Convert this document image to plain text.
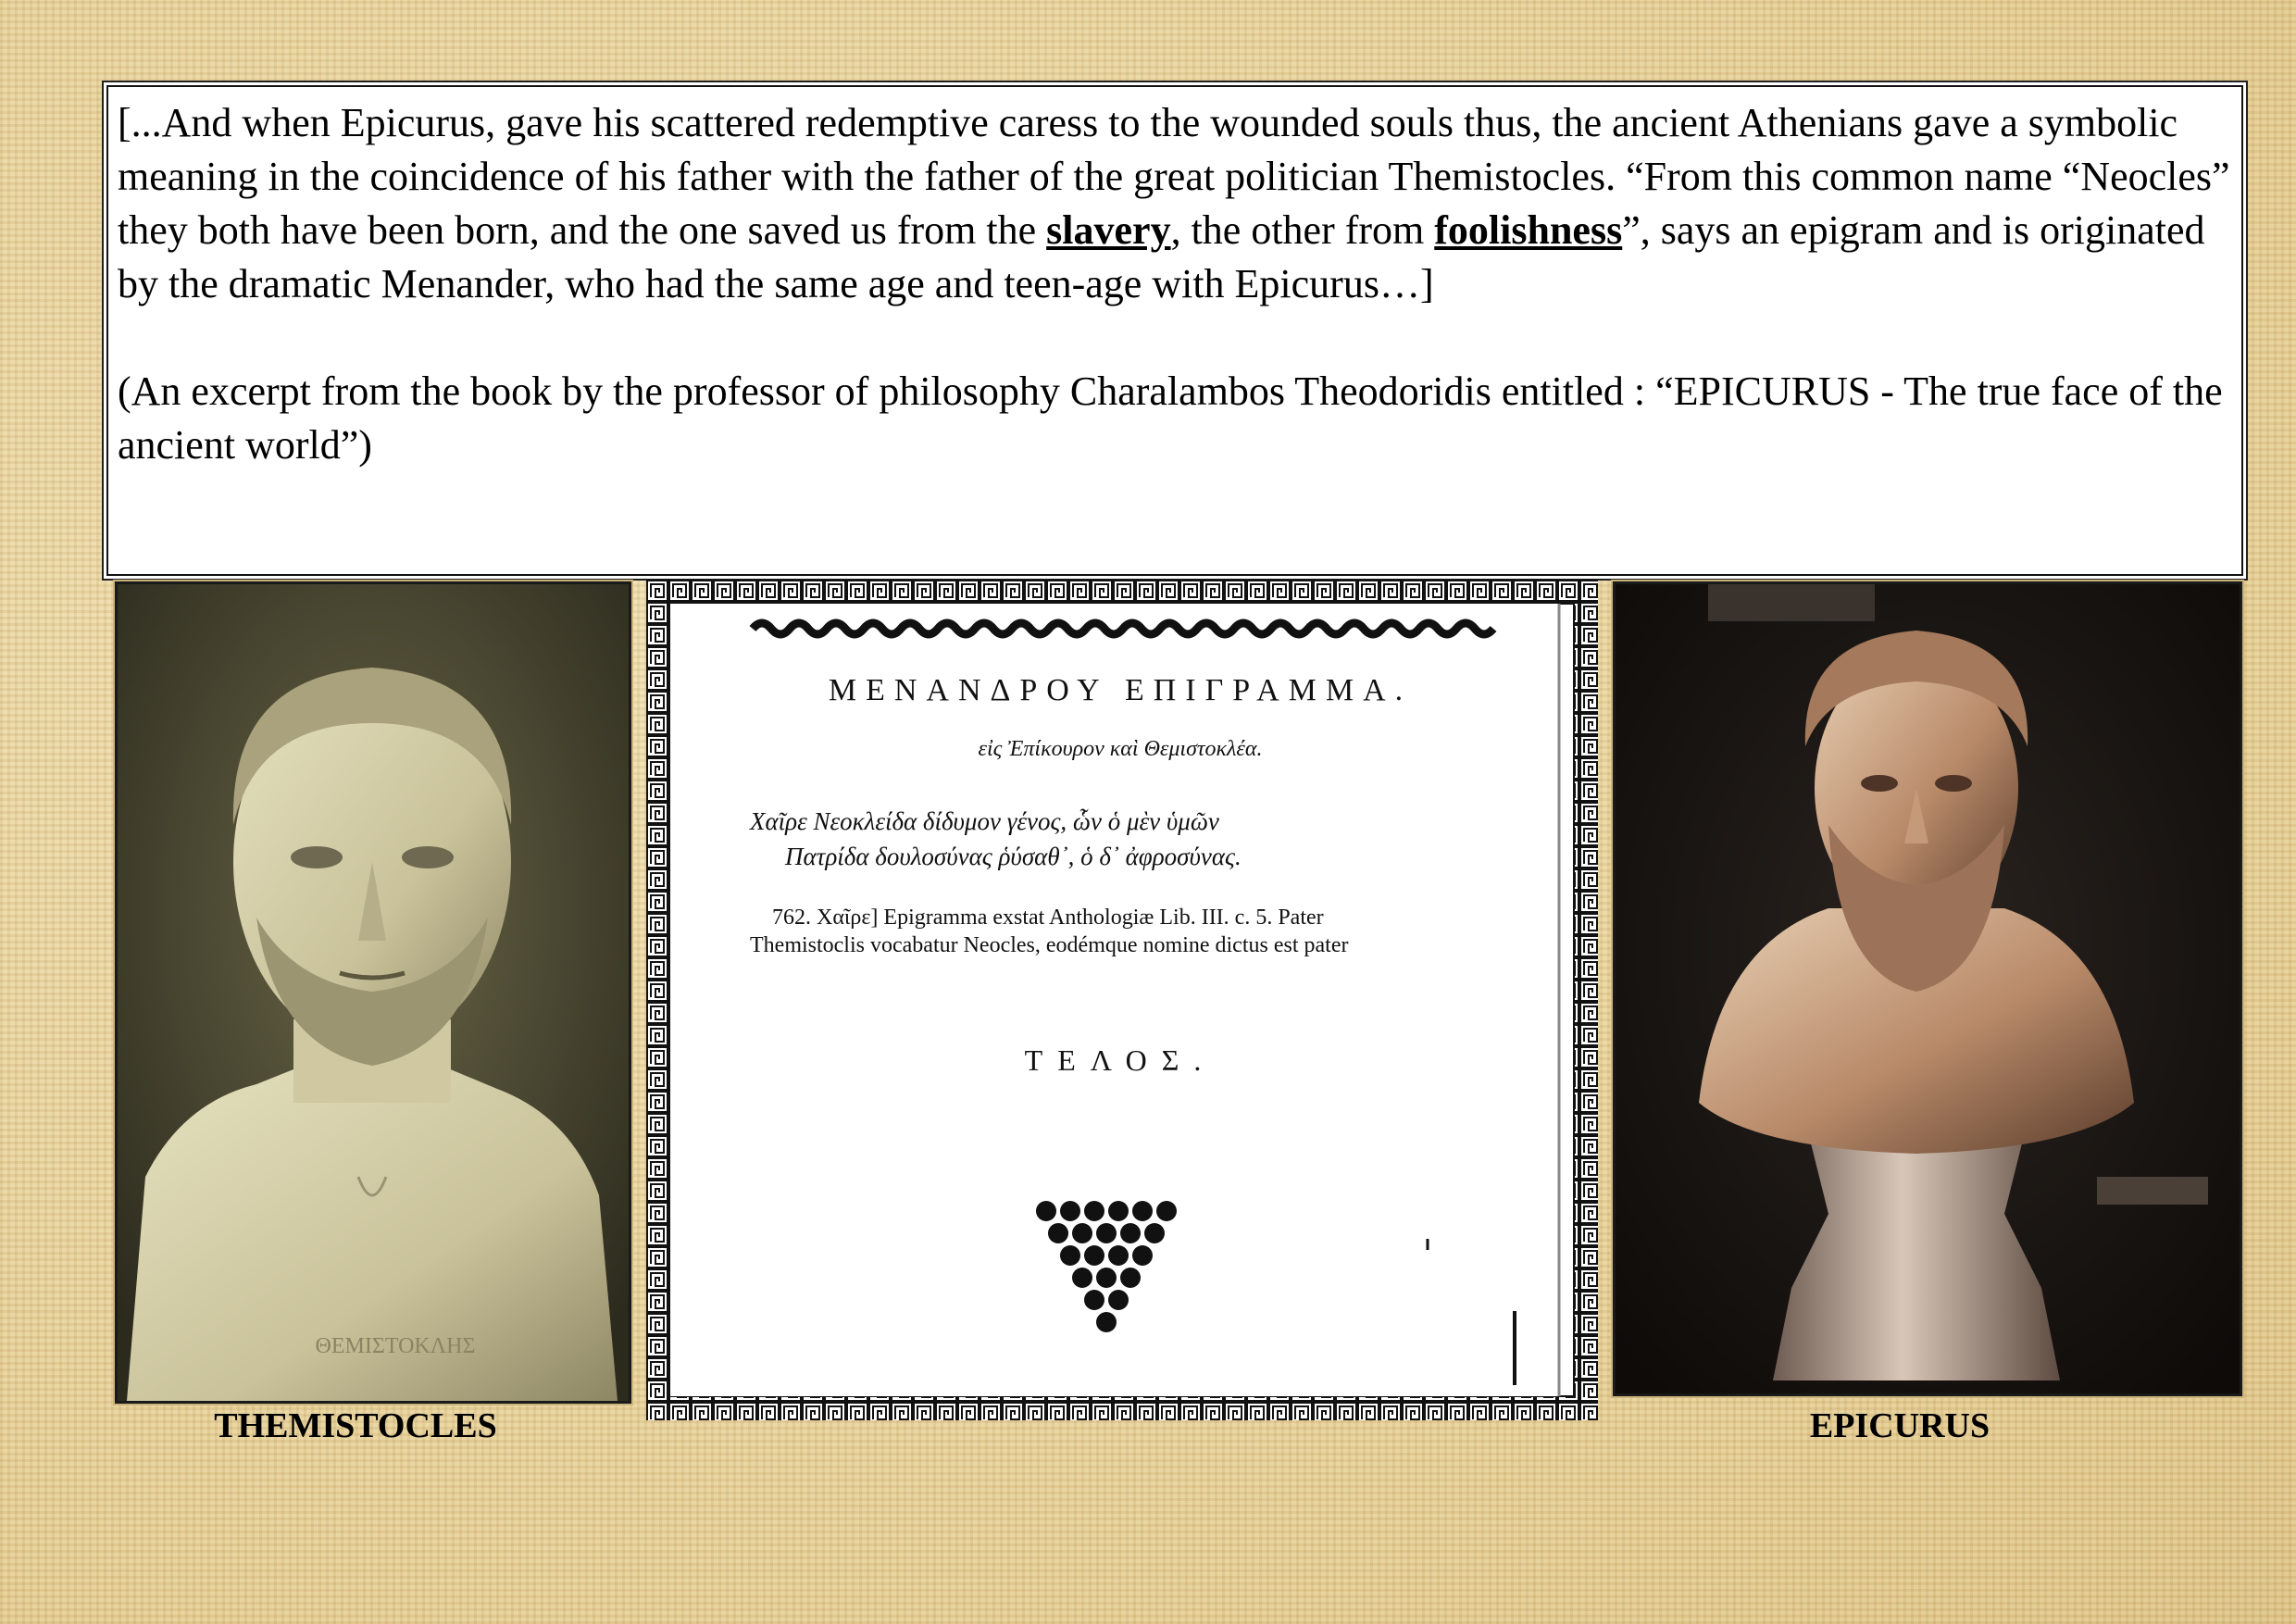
[...And when Epicurus, gave his scattered redemptive caress to the wounded souls thus, the ancient Athenians gave a symbolic meaning in the coincidence of his father with the father of the great politician Themistocles. “From this common name “Neocles” they both have been born, and the one saved us from the slavery, the other from foolishness”, says an epigram and is originated by the dramatic Menander, who had the same age and teen-age with Epicurus…]

(An excerpt from the book by the professor of philosophy Charalambos Theodoridis entitled : “EPICURUS - The true face of the ancient world”)

ΘΕΜΙΣΤΟΚΛΗΣ
ΜΕΝΑΝΔΡΟΥ ΕΠΙΓΡΑΜΜΑ.
εἰς Ἐπίκουρον καὶ Θεμιστοκλέα.
Χαῖρε Νεοκλείδα δίδυμον γένος, ὧν ὁ μὲν ὑμῶν
Πατρίδα δουλοσύνας ῥύσαθ᾽, ὁ δ᾽ ἀφροσύνας.
762. Χαῖρε] Epigramma exstat Anthologiæ Lib. III. c. 5. Pater
Themistoclis vocabatur Neocles, eodémque nomine dictus est pater
ΤΕΛΟΣ.
THEMISTOCLES	EPICURUS
